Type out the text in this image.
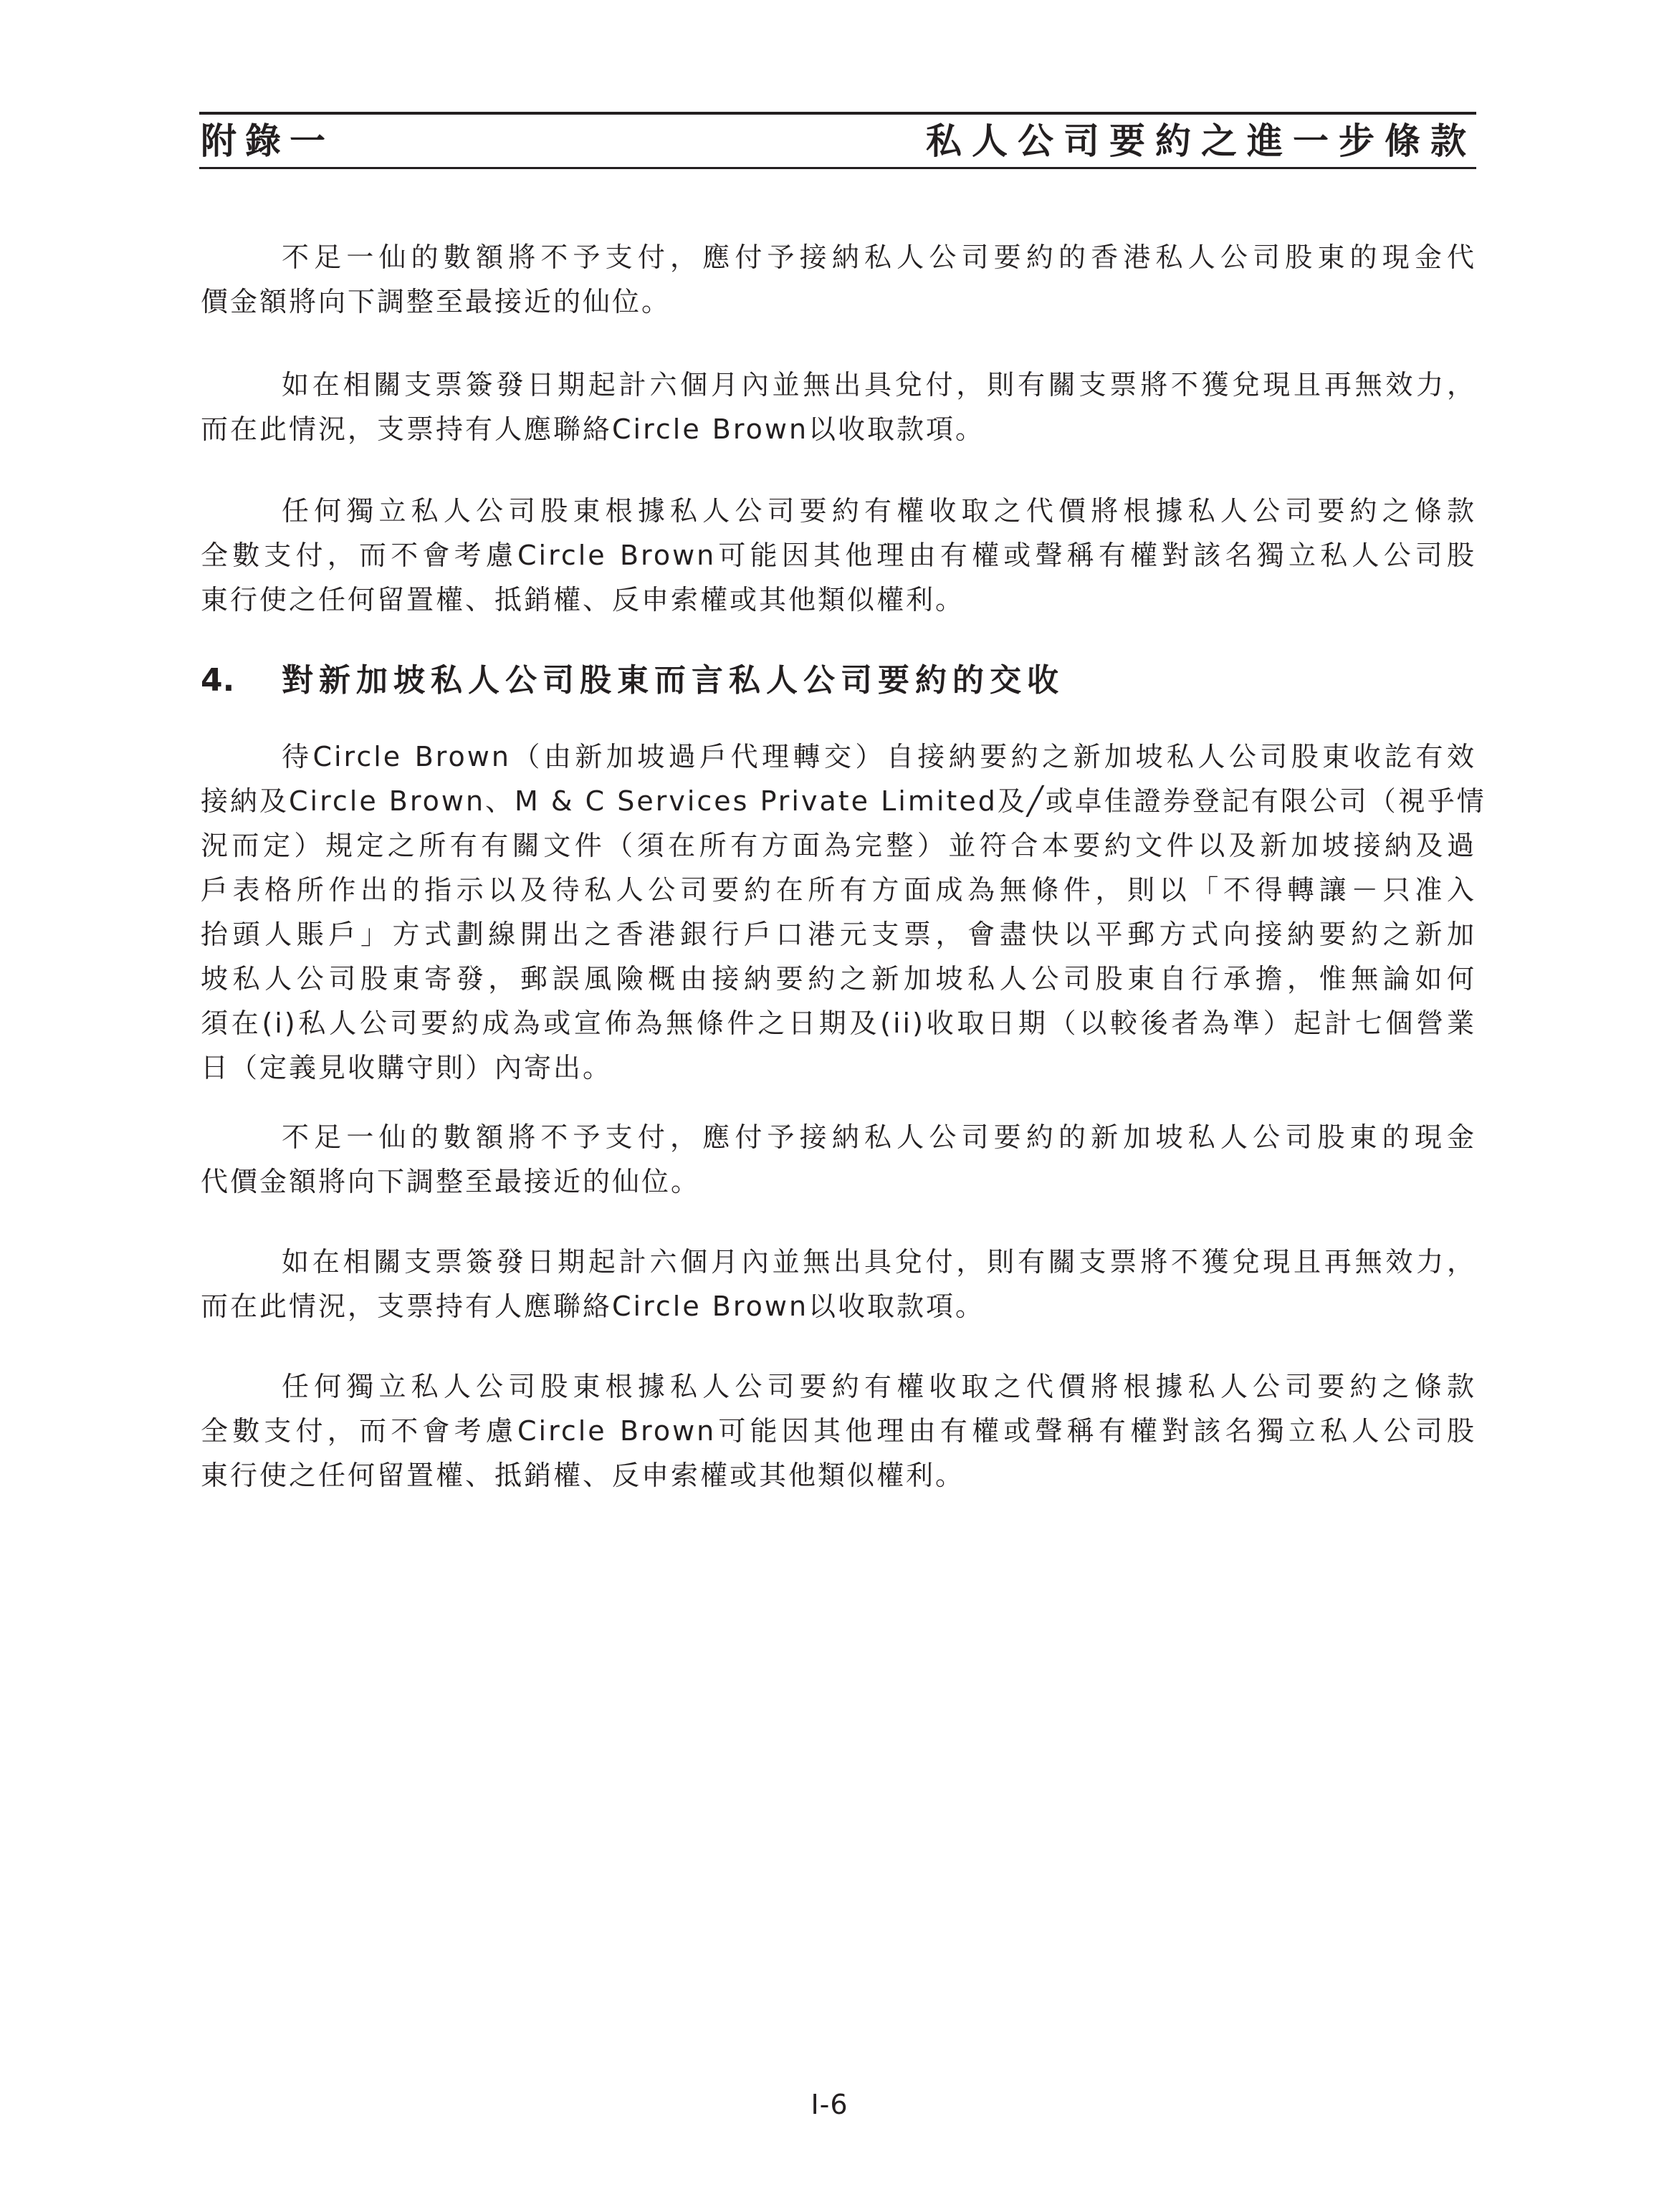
附錄一	私人公司要約之進一步條款

不足一仙的數額將不予支付，應付予接納私人公司要約的香港私人公司股東的現金代
價金額將向下調整至最接近的仙位。

如在相關支票簽發日期起計六個月內並無出具兌付，則有關支票將不獲兌現且再無效力，
而在此情況，支票持有人應聯絡Circle Brown以收取款項。

任何獨立私人公司股東根據私人公司要約有權收取之代價將根據私人公司要約之條款
全數支付，而不會考慮Circle Brown可能因其他理由有權或聲稱有權對該名獨立私人公司股
東行使之任何留置權、抵銷權、反申索權或其他類似權利。

4. 對新加坡私人公司股東而言私人公司要約的交收

待Circle Brown（由新加坡過戶代理轉交）自接納要約之新加坡私人公司股東收訖有效
接納及Circle Brown、M & C Services Private Limited及╱或卓佳證券登記有限公司（視乎情
況而定）規定之所有有關文件（須在所有方面為完整）並符合本要約文件以及新加坡接納及過
戶表格所作出的指示以及待私人公司要約在所有方面成為無條件，則以「不得轉讓－只准入
抬頭人賬戶」方式劃線開出之香港銀行戶口港元支票，會盡快以平郵方式向接納要約之新加
坡私人公司股東寄發，郵誤風險概由接納要約之新加坡私人公司股東自行承擔，惟無論如何
須在(i)私人公司要約成為或宣佈為無條件之日期及(ii)收取日期（以較後者為準）起計七個營業
日（定義見收購守則）內寄出。

不足一仙的數額將不予支付，應付予接納私人公司要約的新加坡私人公司股東的現金
代價金額將向下調整至最接近的仙位。

如在相關支票簽發日期起計六個月內並無出具兌付，則有關支票將不獲兌現且再無效力，
而在此情況，支票持有人應聯絡Circle Brown以收取款項。

任何獨立私人公司股東根據私人公司要約有權收取之代價將根據私人公司要約之條款
全數支付，而不會考慮Circle Brown可能因其他理由有權或聲稱有權對該名獨立私人公司股
東行使之任何留置權、抵銷權、反申索權或其他類似權利。

I-6
